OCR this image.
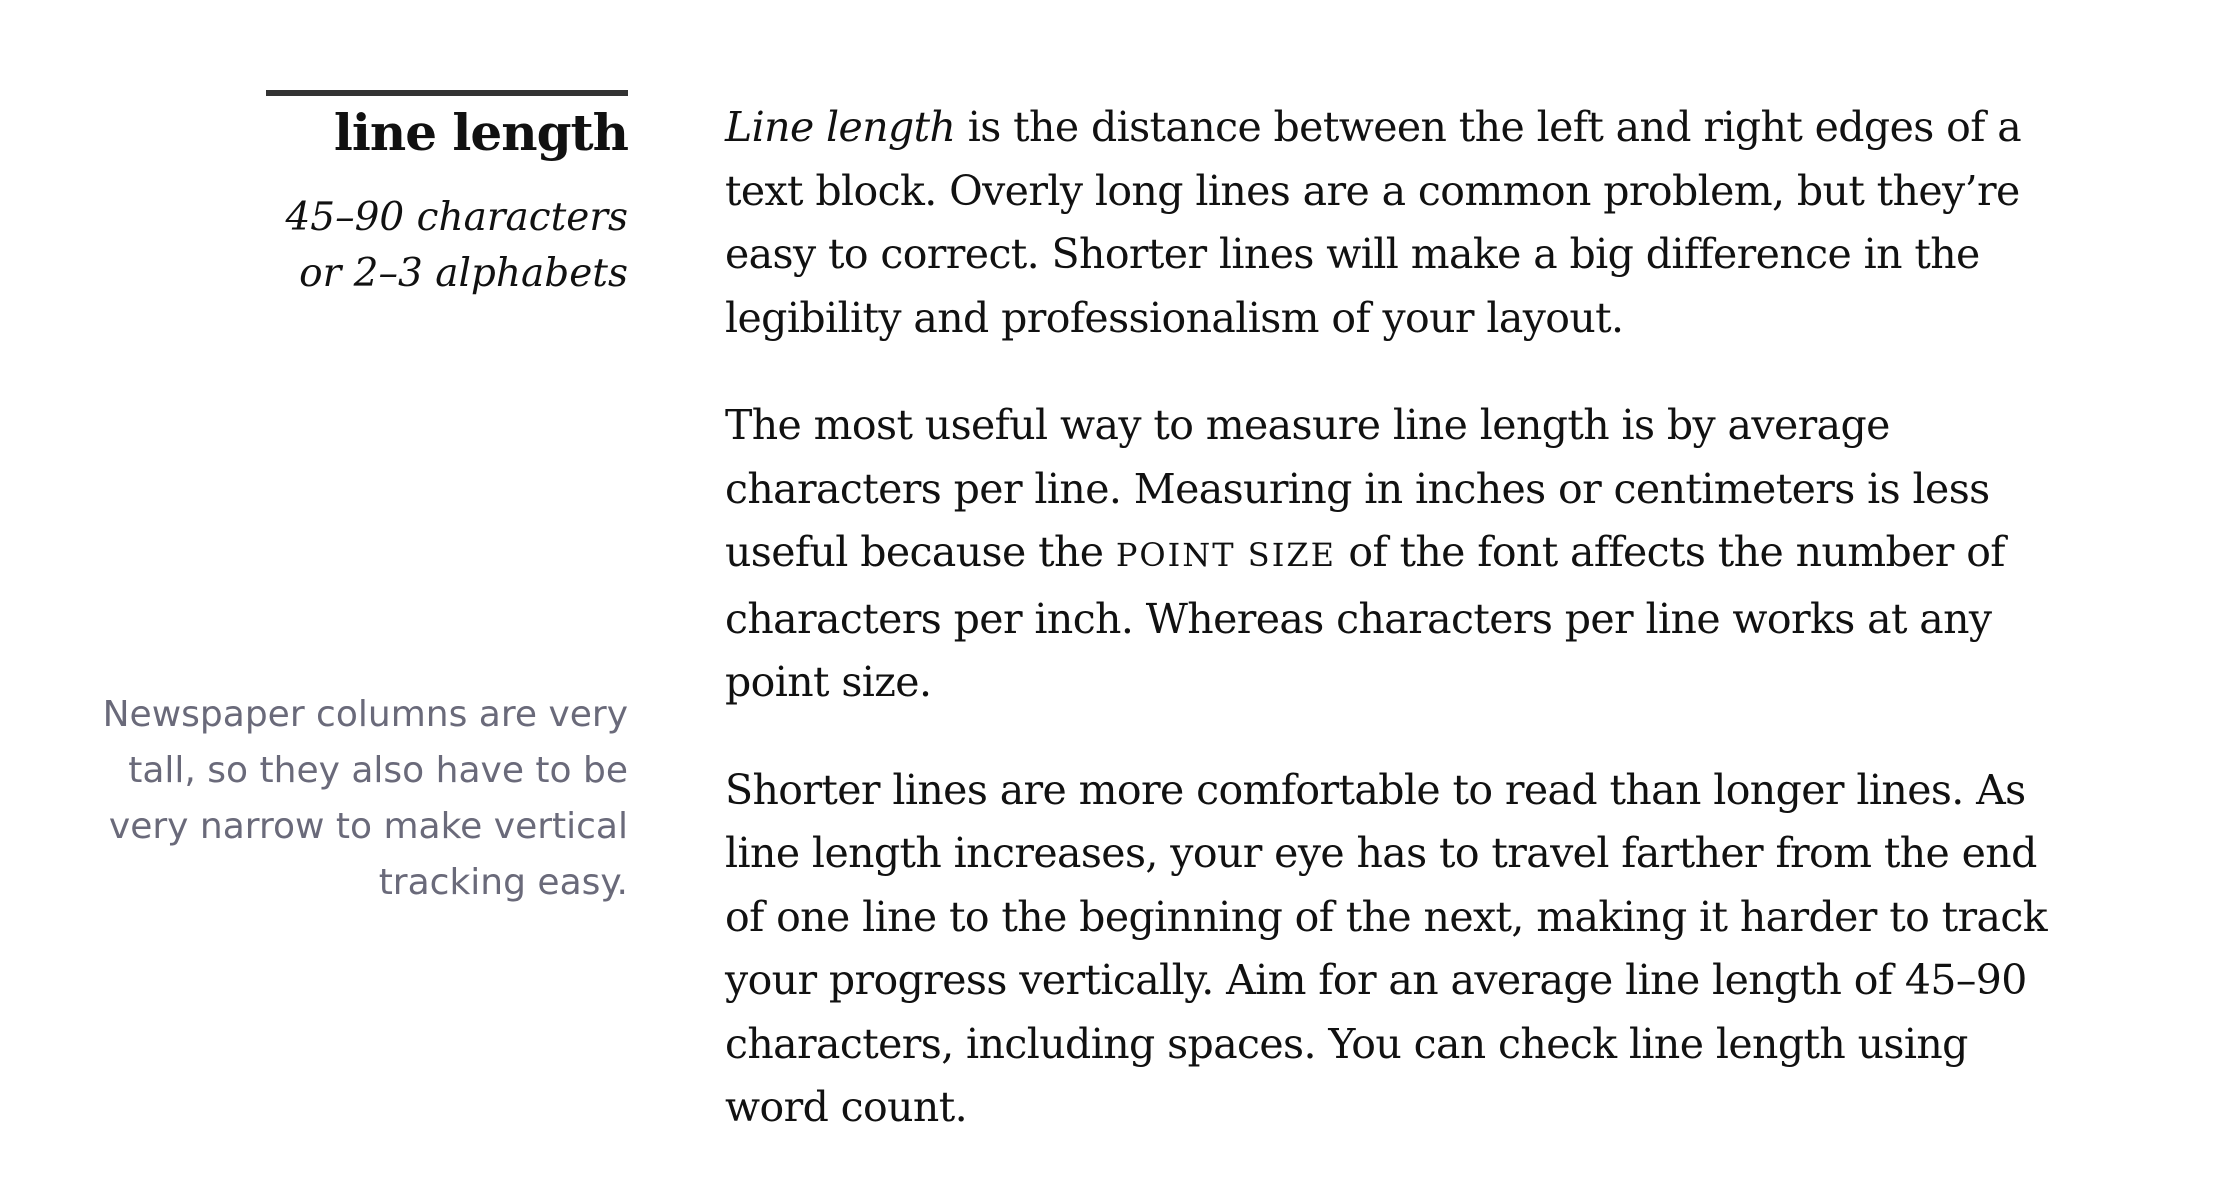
line length
45–90 characters
or 2–3 alphabets
Newspaper columns are very tall, so they also have to be very narrow to make vertical tracking easy.

Line length is the distance between the left and right edges of a text block. Overly long lines are a common problem, but they’re easy to correct. Shorter lines will make a big difference in the legibility and professionalism of your layout.

The most useful way to measure line length is by average characters per line. Measuring in inches or centimeters is less useful because the POINT SIZE of the font affects the number of characters per inch. Whereas characters per line works at any point size.

Shorter lines are more comfortable to read than longer lines. As line length increases, your eye has to travel farther from the end of one line to the beginning of the next, making it harder to track your progress vertically. Aim for an average line length of 45–90 characters, including spaces. You can check line length using word count.
